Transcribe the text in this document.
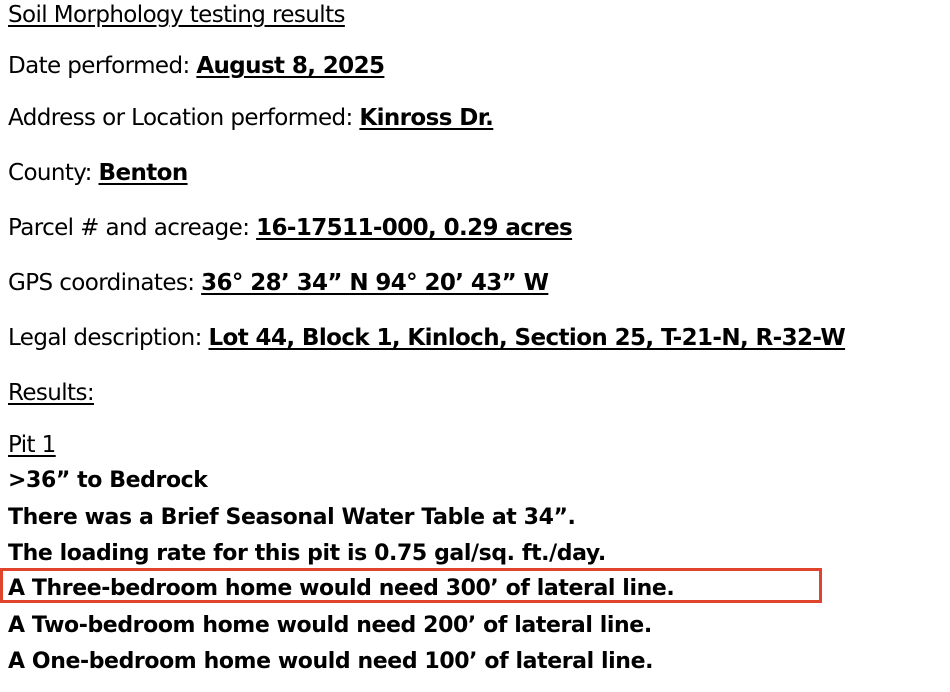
Soil Morphology testing results
Date performed: August 8, 2025
Address or Location performed: Kinross Dr.
County: Benton
Parcel # and acreage: 16-17511-000, 0.29 acres
GPS coordinates: 36° 28’ 34” N 94° 20’ 43” W
Legal description: Lot 44, Block 1, Kinloch, Section 25, T-21-N, R-32-W
Results:
Pit 1
>36” to Bedrock
There was a Brief Seasonal Water Table at 34”.
The loading rate for this pit is 0.75 gal/sq. ft./day.
A Three-bedroom home would need 300’ of lateral line.
A Two-bedroom home would need 200’ of lateral line.
A One-bedroom home would need 100’ of lateral line.
